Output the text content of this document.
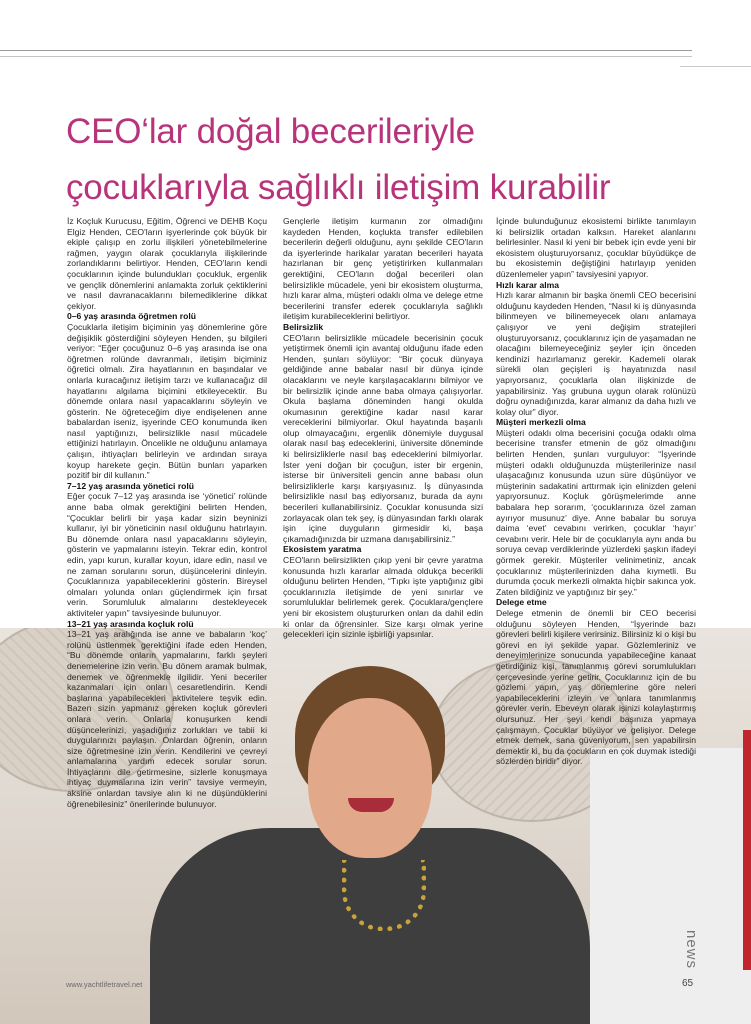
CEO‘lar doğal becerileriyle
çocuklarıyla sağlıklı iletişim kurabilir

İz Koçluk Kurucusu, Eğitim, Öğrenci ve DEHB Koçu Elgiz Henden, CEO'ların işyerlerinde çok büyük bir ekiple çalışıp en zorlu ilişkileri yönetebilmelerine rağmen, yaygın olarak çocuklarıyla ilişkilerinde zorlandıklarını belirtiyor. Henden, CEO'ların kendi çocuklarının içinde bulundukları çocukluk, ergenlik ve gençlik dönemlerini anlamakta zorluk çektiklerini ve nasıl davranacaklarını bilemediklerine dikkat çekiyor.

0–6 yaş arasında öğretmen rolü

Çocuklarla iletişim biçiminin yaş dönemlerine göre değişiklik gösterdiğini söyleyen Henden, şu bilgileri veriyor: “Eğer çocuğunuz 0–6 yaş arasında ise ona öğretmen rolünde davranmalı, iletişim biçiminiz öğretici olmalı. Zira hayatlarının en başındalar ve onlarla kuracağınız iletişim tarzı ve kullanacağız dil hayatlarını algılama biçimini etkileyecektir. Bu dönemde onlara nasıl yapacaklarını söyleyin ve gösterin. Ne öğreteceğim diye endişelenen anne babalardan iseniz, işyerinde CEO konumunda iken nasıl yaptığınızı, belirsizlikle nasıl mücadele ettiğinizi hatırlayın. Öncelikle ne olduğunu anlamaya çalışın, ihtiyaçları belirleyin ve ardından sıraya koyup harekete geçin. Bütün bunları yaparken pozitif bir dil kullanın.”

7–12 yaş arasında yönetici rolü

Eğer çocuk 7–12 yaş arasında ise ‘yönetici’ rolünde anne baba olmak gerektiğini belirten Henden, “Çocuklar belirli bir yaşa kadar sizin beyninizi kullanır, iyi bir yöneticinin nasıl olduğunu hatırlayın. Bu dönemde onlara nasıl yapacaklarını söyleyin, gösterin ve yapmalarını isteyin. Tekrar edin, kontrol edin, yapı kurun, kurallar koyun, idare edin, nasıl ve ne zaman sorularını sorun, düşüncelerini dinleyin. Çocuklarınıza yapabileceklerini gösterin. Bireysel olmaları yolunda onları güçlendirmek için fırsat verin. Sorumluluk almalarını destekleyecek aktiviteler yapın” tavsiyesinde bulunuyor.

13–21 yaş arasında koçluk rolü

13–21 yaş aralığında ise anne ve babaların ‘koç’ rolünü üstlenmek gerektiğini ifade eden Henden, “Bu dönemde onların yapmalarını, farklı şeyleri denemelerine izin verin. Bu dönem aramak bulmak, denemek ve öğrenmekle ilgilidir. Yeni beceriler kazanmaları için onları cesaretlendirin. Kendi başlarına yapabilecekleri aktivitelere teşvik edin. Bazen sizin yapmanız gereken koçluk görevleri onlara verin. Onlarla konuşurken kendi düşüncelerinizi, yaşadığınız zorlukları ve tabii ki duygularınızı paylaşın. Onlardan öğrenin, onların size öğretmesine izin verin. Kendilerini ve çevreyi anlamalarına yardım edecek sorular sorun. İhtiyaçlarını dile getirmesine, sizlerle konuşmaya ihtiyaç duymalarına izin verin” tavsiye vermeyin, aksine onlardan tavsiye alın ki ne düşündüklerini öğrenebilesiniz” önerilerinde bulunuyor.

Gençlerle iletişim kurmanın zor olmadığını kaydeden Henden, koçlukta transfer edilebilen becerilerin değerli olduğunu, aynı şekilde CEO'ların da işyerlerinde harikalar yaratan becerileri hayata hazırlanan bir genç yetiştirirken kullanmaları gerektiğini, CEO'ların doğal becerileri olan belirsizlikle mücadele, yeni bir ekosistem oluşturma, hızlı karar alma, müşteri odaklı olma ve delege etme becerilerini transfer ederek çocuklarıyla sağlıklı iletişim kurabileceklerini belirtiyor.

Belirsizlik

CEO'ların belirsizlikle mücadele becerisinin çocuk yetiştirmek önemli için avantaj olduğunu ifade eden Henden, şunları söylüyor: “Bir çocuk dünyaya geldiğinde anne babalar nasıl bir dünya içinde olacaklarını ve neyle karşılaşacaklarını bilmiyor ve bir belirsizlik içinde anne baba olmaya çalışıyorlar. Okula başlama döneminden hangi okulda okumasının gerektiğine kadar nasıl karar vereceklerini bilmiyorlar. Okul hayatında başarılı olup olmayacağını, ergenlik dönemiyle duygusal olarak nasıl baş edeceklerini, üniversite döneminde ki belirsizliklerle nasıl baş edeceklerini bilmiyorlar. İster yeni doğan bir çocuğun, ister bir ergenin, isterse bir üniversiteli gencin anne babası olun belirsizliklerle karşı karşıyasınız. İş dünyasında belirsizlikle nasıl baş ediyorsanız, burada da aynı becerileri kullanabilirsiniz. Çocuklar konusunda sizi zorlayacak olan tek şey, iş dünyasından farklı olarak işin içine duyguların girmesidir ki, başa çıkamadığınızda bir uzmana danışabilirsiniz.”

Ekosistem yaratma

CEO'ların belirsizlikten çıkıp yeni bir çevre yaratma konusunda hızlı kararlar almada oldukça becerikli olduğunu belirten Henden, “Tıpkı işte yaptığınız gibi çocuklarınızla iletişimde de yeni sınırlar ve sorumluluklar belirlemek gerek. Çocuklara/gençlere yeni bir ekosistem oluştururken onları da dahil edin ki onlar da öğrensinler. Size karşı olmak yerine gelecekleri için sizinle işbirliği yapsınlar.

İçinde bulunduğunuz ekosistemi birlikte tanımlayın ki belirsizlik ortadan kalksın. Hareket alanlarını belirlesinler. Nasıl ki yeni bir bebek için evde yeni bir ekosistem oluşturuyorsanız, çocuklar büyüdükçe de bu ekosistemin değiştiğini hatırlayıp yeniden düzenlemeler yapın” tavsiyesini yapıyor.

Hızlı karar alma

Hızlı karar almanın bir başka önemli CEO becerisini olduğunu kaydeden Henden, “Nasıl ki iş dünyasında bilinmeyen ve bilinemeyecek olanı anlamaya çalışıyor ve yeni değişim stratejileri oluşturuyorsanız, çocuklarınız için de yaşamadan ne olacağını bilemeyeceğiniz şeyler için önceden kendinizi hazırlamanız gerekir. Kademeli olarak sürekli olan geçişleri iş hayatınızda nasıl yapıyorsanız, çocuklarla olan ilişkinizde de yapabilirsiniz. Yaş grubuna uygun olarak rolünüzü doğru oynadığınızda, karar almanız da daha hızlı ve kolay olur” diyor.

Müşteri merkezli olma

Müşteri odaklı olma becerisini çocuğa odaklı olma becerisine transfer etmenin de göz olmadığını belirten Henden, şunları vurguluyor: “İşyerinde müşteri odaklı olduğunuzda müşterilerinize nasıl ulaşacağınız konusunda uzun süre düşünüyor ve müşterinin sadakatini arttırmak için elinizden geleni yapıyorsunuz. Koçluk görüşmelerimde anne babalara hep sorarım, ‘çocuklarınıza özel zaman ayırıyor musunuz’ diye. Anne babalar bu soruya daima ‘evet’ cevabını verirken, çocuklar ‘hayır’ cevabını verir. Hele bir de çocuklarıyla aynı anda bu soruya cevap verdiklerinde yüzlerdeki şaşkın ifadeyi görmek gerekir. Müşteriler velinimetiniz, ancak çocuklarınız müşterilerinizden daha kıymetli. Bu durumda çocuk merkezli olmakta hiçbir sakınca yok. Zaten bildiğiniz ve yaptığınız bir şey.”

Delege etme

Delege etmenin de önemli bir CEO becerisi olduğunu söyleyen Henden, “İşyerinde bazı görevleri belirli kişilere verirsiniz. Bilirsiniz ki o kişi bu görevi en iyi şekilde yapar. Gözlemleriniz ve deneyimlerinize sonucunda yapabileceğine kanaat getirdiğiniz kişi, tanımlanmış görevi sorumlulukları çerçevesinde yerine getirir. Çocuklarınız için de bu gözlemi yapın, yaş dönemlerine göre neleri yapabileceklerini izleyin ve onlara tanımlanmış görevler verin. Ebeveyn olarak işinizi kolaylaştırmış olursunuz. Her şeyi kendi başınıza yapmaya çalışmayın. Çocuklar büyüyor ve gelişiyor. Delege etmek demek, sana güveniyorum, sen yapabilirsin demektir ki, bu da çocukların en çok duymak istediği sözlerden biridir” diyor.

www.yachtlifetravel.net	65
news
